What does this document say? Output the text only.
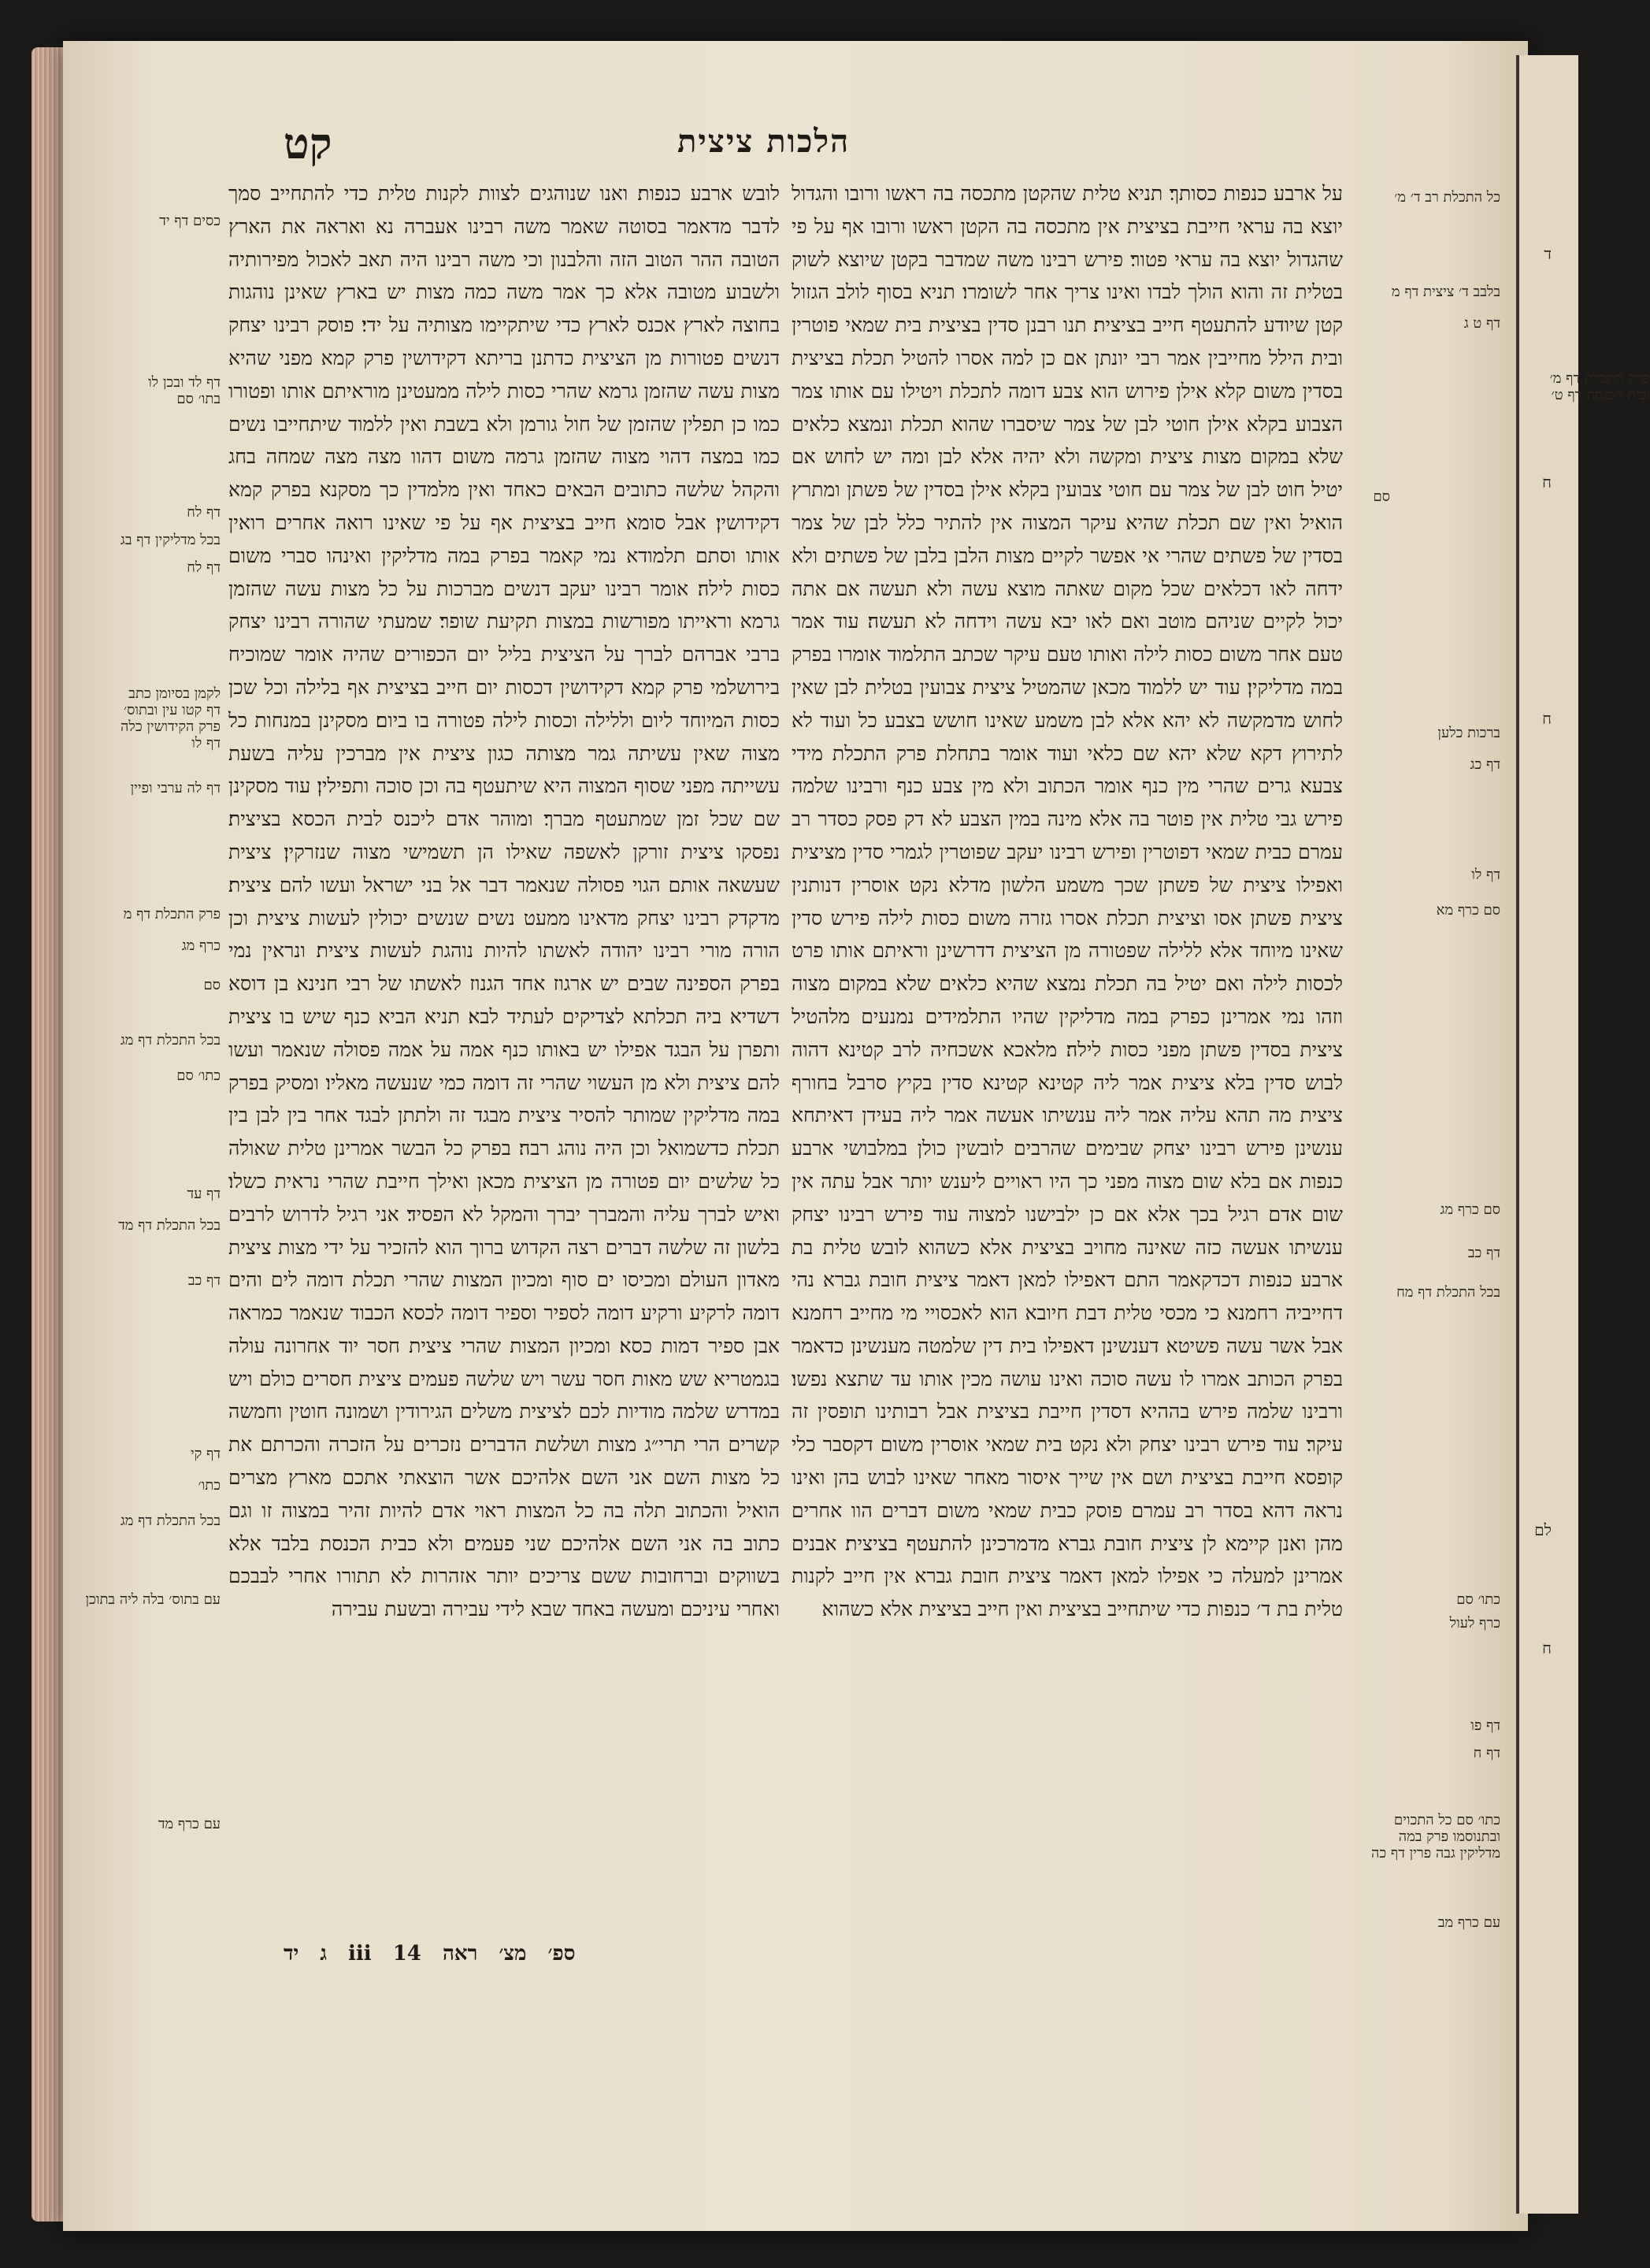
קט	הלכות ציצית

על ארבע כנפות כסותך׃ תניא טלית שהקטן מתכסה בה ראשו ורובו והגדול יוצא בה עראי חייבת בציצית אין מתכסה בה הקטן ראשו ורובו אף על פי שהגדול יוצא בה עראי פטור׃ פירש רבינו משה שמדבר בקטן שיוצא לשוק בטלית זה והוא הולך לבדו ואינו צריך אחר לשומרו׃ תניא בסוף לולב הגזול קטן שיודע להתעטף חייב בציצית׃ תנו רבנן סדין בציצית בית שמאי פוטרין ובית הילל מחייבין אמר רבי יונתן אם כן למה אסרו להטיל תכלת בציצית בסדין משום קלא אילן פירוש הוא צבע דומה לתכלת ויטילו עם אותו צמר הצבוע בקלא אילן חוטי לבן של צמר שיסברו שהוא תכלת ונמצא כלאים שלא במקום מצות ציצית ומקשה ולא יהיה אלא לבן ומה יש לחוש אם יטיל חוט לבן של צמר עם חוטי צבועין בקלא אילן בסדין של פשתן ומתרץ הואיל ואין שם תכלת שהיא עיקר המצוה אין להתיר כלל לבן של צמר בסדין של פשתים שהרי אי אפשר לקיים מצות הלבן בלבן של פשתים ולא ידחה לאו דכלאים שכל מקום שאתה מוצא עשה ולא תעשה אם אתה יכול לקיים שניהם מוטב ואם לאו יבא עשה וידחה לא תעשה׃ עוד אמר טעם אחר משום כסות לילה ואותו טעם עיקר שכתב התלמוד אומרו בפרק במה מדליקין׃ עוד יש ללמוד מכאן שהמטיל ציצית צבועין בטלית לבן שאין לחוש מדמקשה לא יהא אלא לבן משמע שאינו חושש בצבע כל ועוד לא לתירוץ דקא שלא יהא שם כלאי ועוד אומר בתחלת פרק התכלת מידי צבעא גרים שהרי מין כנף אומר הכתוב ולא מין צבע כנף ורבינו שלמה פירש גבי טלית אין פוטר בה אלא מינה במין הצבע לא דק פסק כסדר רב עמרם כבית שמאי דפוטרין ופירש רבינו יעקב שפוטרין לגמרי סדין מציצית ואפילו ציצית של פשתן שכך משמע הלשון מדלא נקט אוסרין דנותנין ציצית פשתן אסו וציצית תכלת אסרו גזרה משום כסות לילה פירש סדין שאינו מיוחד אלא ללילה שפטורה מן הציצית דדרשינן וראיתם אותו פרט לכסות לילה ואם יטיל בה תכלת נמצא שהיא כלאים שלא במקום מצוה וזהו נמי אמרינן כפרק במה מדליקין שהיו התלמידים נמנעים מלהטיל ציצית בסדין פשתן מפני כסות לילה׃ מלאכא אשכחיה לרב קטינא דהוה לבוש סדין בלא ציצית אמר ליה קטינא קטינא סדין בקיץ סרבל בחורף ציצית מה תהא עליה אמר ליה ענשיתו אעשה אמר ליה בעידן דאיתחא ענשינן פירש רבינו יצחק שבימים שהרבים לובשין כולן במלבושי ארבע כנפות אם בלא שום מצוה מפני כך היו ראויים ליענש יותר אבל עתה אין שום אדם רגיל בכך אלא אם כן ילבישנו למצוה עוד פירש רבינו יצחק ענשיתו אעשה כזה שאינה מחויב בציצית אלא כשהוא לובש טלית בת ארבע כנפות דכדקאמר התם דאפילו למאן דאמר ציצית חובת גברא נהי דחייביה רחמנא כי מכסי טלית דבת חיובא הוא לאכסויי מי מחייב רחמנא אבל אשר עשה פשיטא דענשינן דאפילו בית דין שלמטה מענשינן כדאמר בפרק הכותב אמרו לו עשה סוכה ואינו עושה מכין אותו עד שתצא נפשו׃ ורבינו שלמה פירש בההיא דסדין חייבת בציצית אבל רבותינו תופסין זה עיקר׃ עוד פירש רבינו יצחק ולא נקט בית שמאי אוסרין משום דקסבר כלי קופסא חייבת בציצית ושם אין שייך איסור מאחר שאינו לבוש בהן ואינו נראה דהא בסדר רב עמרם פוסק כבית שמאי משום דברים הוו אחרים מהן ואנן קיימא לן ציצית חובת גברא מדמרכינן להתעטף בציצית׃ אבנים אמרינן למעלה כי אפילו למאן דאמר ציצית חובת גברא אין חייב לקנות טלית בת ד׳ כנפות כדי שיתחייב בציצית ואין חייב בציצית אלא כשהוא

לובש ארבע כנפות׃ ואנו שנוהגים לצוות לקנות טלית כדי להתחייב סמך לדבר מדאמר בסוטה שאמר משה רבינו אעברה נא ואראה את הארץ הטובה ההר הטוב הזה והלבנון וכי משה רבינו היה תאב לאכול מפירותיה ולשבוע מטובה אלא כך אמר משה כמה מצות יש בארץ שאינן נוהגות בחוצה לארץ אכנס לארץ כדי שיתקיימו מצותיה על ידי׃ פוסק רבינו יצחק דנשים פטורות מן הציצית כדתנן בריתא דקידושין פרק קמא מפני שהיא מצות עשה שהזמן גרמא שהרי כסות לילה ממעטינן מוראיתם אותו ופטורו כמו כן תפלין שהזמן של חול גורמן ולא בשבת ואין ללמוד שיתחייבו נשים כמו במצה דהוי מצוה שהזמן גרמה משום דהוו מצה מצה שמחה בחג והקהל שלשה כתובים הבאים כאחד ואין מלמדין כך מסקנא בפרק קמא דקידושין׃ אבל סומא חייב בציצית אף על פי שאינו רואה אחרים רואין אותו וסתם תלמודא נמי קאמר בפרק במה מדליקין ואינהו סברי משום כסות לילה׃ אומר רבינו יעקב דנשים מברכות על כל מצות עשה שהזמן גרמא וראייתו מפורשות במצות תקיעת שופר׃ שמעתי שהורה רבינו יצחק ברבי אברהם לברך על הציצית בליל יום הכפורים שהיה אומר שמוכיח בירושלמי פרק קמא דקידושין דכסות יום חייב בציצית אף בלילה וכל שכן כסות המיוחד ליום וללילה וכסות לילה פטורה בו ביום׃ מסקינן במנחות כל מצוה שאין עשיתה גמר מצותה כגון ציצית אין מברכין עליה בשעת עשייתה מפני שסוף המצוה היא שיתעטף בה וכן סוכה ותפילין׃ עוד מסקינן שם שכל זמן שמתעטף מברך׃ ומוהר אדם ליכנס לבית הכסא בציצית׃ נפסקו ציצית זורקן לאשפה שאילו הן תשמישי מצוה שנזרקין׃ ציצית שעשאה אותם הגוי פסולה שנאמר דבר אל בני ישראל ועשו להם ציצית׃ מדקדק רבינו יצחק מדאינו ממעט נשים שנשים יכולין לעשות ציצית וכן הורה מורי רבינו יהודה לאשתו להיות נוהגת לעשות ציצית׃ ונראין נמי בפרק הספינה שבים יש ארגוז אחד הגנוז לאשתו של רבי חנינא בן דוסא דשדיא ביה תכלתא לצדיקים לעתיד לבא׃ תניא הביא כנף שיש בו ציצית ותפרן על הבגד אפילו יש באותו כנף אמה על אמה פסולה שנאמר ועשו להם ציצית ולא מן העשוי שהרי זה דומה כמי שנעשה מאליו׃ ומסיק בפרק במה מדליקין שמותר להסיר ציצית מבגד זה ולתתן לבגד אחר בין לבן בין תכלת כדשמואל וכן היה נוהג רבה׃ בפרק כל הבשר אמרינן טלית שאולה כל שלשים יום פטורה מן הציצית מכאן ואילך חייבת שהרי נראית כשלו׃ ואיש לברך עליה והמברך יברך והמקל לא הפסיד׃ אני רגיל לדרוש לרבים בלשון זה שלשה דברים רצה הקדוש ברוך הוא להזכיר על ידי מצות ציצית מאדון העולם ומכיסו ים סוף ומכיון המצות שהרי תכלת דומה לים והים דומה לרקיע ורקיע דומה לספיר וספיר דומה לכסא הכבוד שנאמר כמראה אבן ספיר דמות כסא׃ ומכיון המצות שהרי ציצית חסר יוד אחרונה עולה בגמטריא שש מאות חסר עשר ויש שלשה פעמים ציצית חסרים כולם ויש במדרש שלמה מודיות לכם לציצית משלים הגירודין ושמונה חוטין וחמשה קשרים הרי תרי״ג מצות ושלשת הדברים נזכרים על הזכרה והכרתם את כל מצות השם אני השם אלהיכם אשר הוצאתי אתכם מארץ מצרים הואיל והכתוב תלה בה כל המצות ראוי אדם להיות זהיר במצוה זו וגם כתוב בה אני השם אלהיכם שני פעמים׃ ולא כבית הכנסת בלבד אלא בשווקים וברחובות ששם צריכים יותר אזהרות לא תתורו אחרי לבבכם ואחרי עיניכם ומעשה באחד שבא לידי עבירה ובשעת עבירה

כל התכלת רב ד׳ מ׳
בלבב ד׳ ציצית דף מ
דף ט ג
פרק התכלת דף מ׳ ובית הכנסת דף ט׳
סם
ברכות כלען
דף כג
דף לו
סם כרף מא
סם כרף מג
דף כב
בכל התכלת דף מח
כתו׳ סם
כרף לעול
דף פו
דף ח
כתו׳ סם כל התכוים ובתנוסמו פרק במה מדליקין גבה פרין דף כה
עם כרף מב
כסים דף יד
דף לד ובכן לו בתו׳ סם
דף לח
בכל מדליקין דף בג
דף לח
לקמן בסיומן כתב דף קטו עין ובתוס׳ פרק הקידושין כלה דף לו
דף לה ערבי ופיין
פרק התכלת דף מ
כרף מג
סם
בכל התכלת דף מג
כתו׳ סם
דף עד
בכל התכלת דף מד
דף כב
דף קי
כתו׳
בכל התכלת דף מג
עם בתוס׳ בלה ליה בתוכן
עם כרף מד
ד
ח
ח
לם
ח
ספ׳ מצ׳ ראה iii 14 ג יד
